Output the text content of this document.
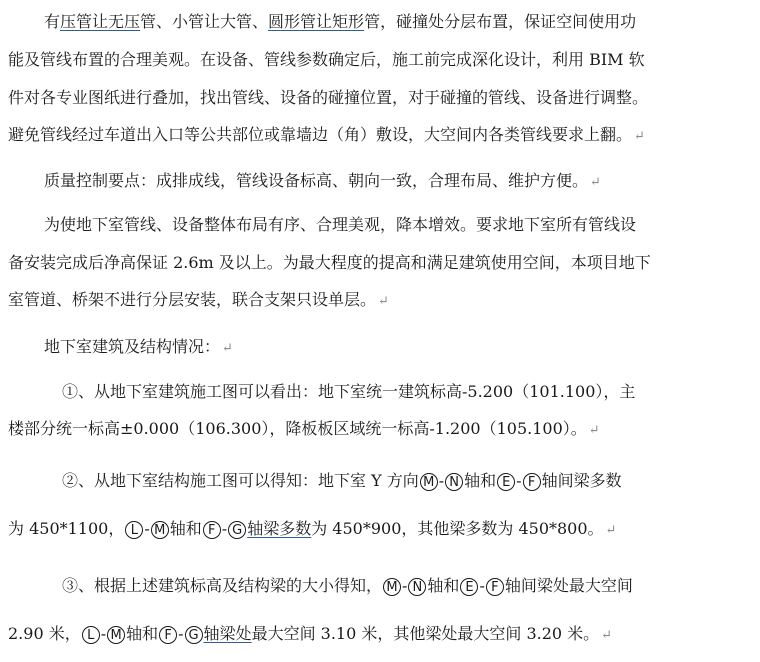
有压管让无压管、小管让大管、圆形管让矩形管，碰撞处分层布置，保证空间使用功
能及管线布置的合理美观。在设备、管线参数确定后，施工前完成深化设计，利用 BIM 软
件对各专业图纸进行叠加，找出管线、设备的碰撞位置，对于碰撞的管线、设备进行调整。
避免管线经过车道出入口等公共部位或靠墙边（角）敷设，大空间内各类管线要求上翻。 ↵
质量控制要点：成排成线，管线设备标高、朝向一致，合理布局、维护方便。 ↵
为使地下室管线、设备整体布局有序、合理美观，降本增效。要求地下室所有管线设
备安装完成后净高保证 2.6m 及以上。为最大程度的提高和满足建筑使用空间，本项目地下
室管道、桥架不进行分层安装，联合支架只设单层。 ↵
地下室建筑及结构情况： ↵
①、从地下室建筑施工图可以看出：地下室统一建筑标高-5.200（101.100），主
楼部分统一标高±0.000（106.300），降板板区域统一标高-1.200（105.100）。 ↵
②、从地下室结构施工图可以得知：地下室 Y 方向 M - N 轴和 E - F 轴间梁多数
为 450*1100， L - M 轴和 F - G 轴梁多数为 450*900，其他梁多数为 450*800。 ↵
③、根据上述建筑标高及结构梁的大小得知， M - N 轴和 E - F 轴间梁处最大空间
2.90 米， L - M 轴和 F - G 轴梁处最大空间 3.10 米，其他梁处最大空间 3.20 米。 ↵
